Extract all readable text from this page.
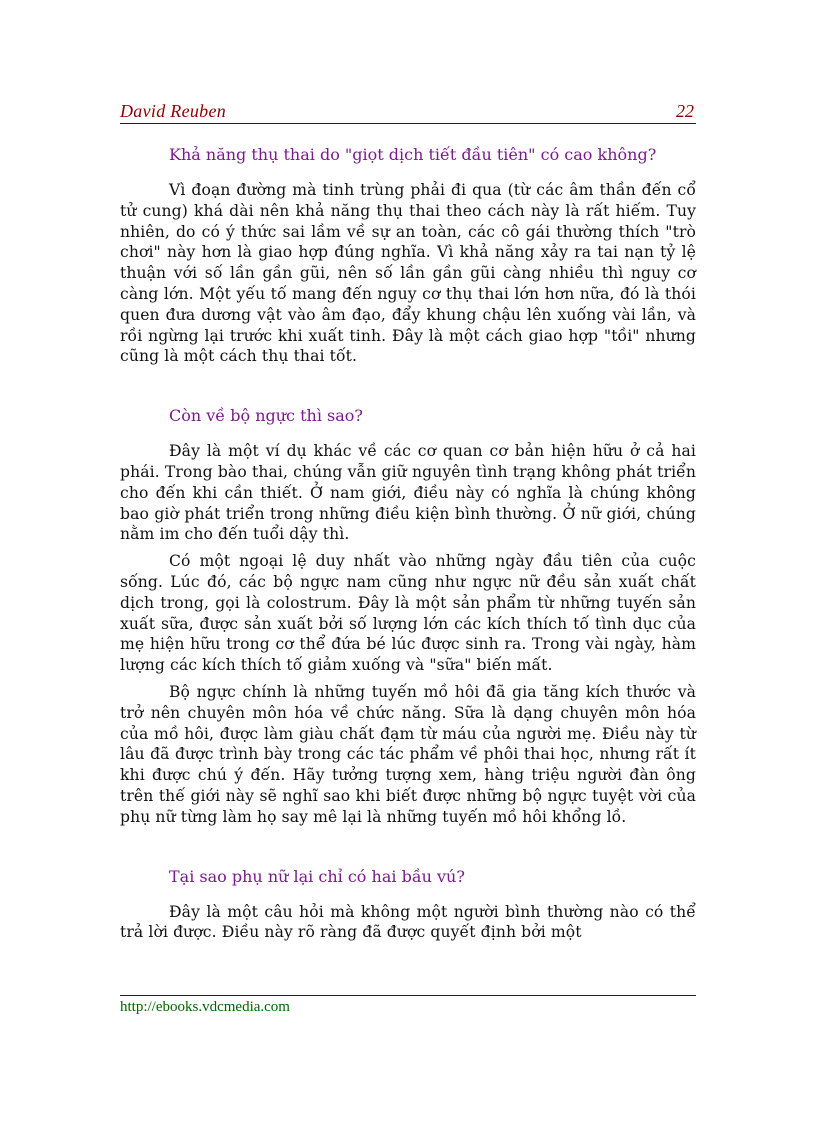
David Reuben	22
Khả năng thụ thai do "giọt dịch tiết đầu tiên" có cao không?

Vì đoạn đường mà tinh trùng phải đi qua (từ các âm thần đến cổ tử cung) khá dài nên khả năng thụ thai theo cách này là rất hiếm. Tuy nhiên, do có ý thức sai lầm về sự an toàn, các cô gái thường thích "trò chơi" này hơn là giao hợp đúng nghĩa. Vì khả năng xảy ra tai nạn tỷ lệ thuận với số lần gần gũi, nên số lần gần gũi càng nhiều thì nguy cơ càng lớn. Một yếu tố mang đến nguy cơ thụ thai lớn hơn nữa, đó là thói quen đưa dương vật vào âm đạo, đẩy khung chậu lên xuống vài lần, và rồi ngừng lại trước khi xuất tinh. Đây là một cách giao hợp "tồi" nhưng cũng là một cách thụ thai tốt.

Còn về bộ ngực thì sao?

Đây là một ví dụ khác về các cơ quan cơ bản hiện hữu ở cả hai phái. Trong bào thai, chúng vẫn giữ nguyên tình trạng không phát triển cho đến khi cần thiết. Ở nam giới, điều này có nghĩa là chúng không bao giờ phát triển trong những điều kiện bình thường. Ở nữ giới, chúng nằm im cho đến tuổi dậy thì.

Có một ngoại lệ duy nhất vào những ngày đầu tiên của cuộc sống. Lúc đó, các bộ ngực nam cũng như ngực nữ đều sản xuất chất dịch trong, gọi là colostrum. Đây là một sản phẩm từ những tuyến sản xuất sữa, được sản xuất bởi số lượng lớn các kích thích tố tình dục của mẹ hiện hữu trong cơ thể đứa bé lúc được sinh ra. Trong vài ngày, hàm lượng các kích thích tố giảm xuống và "sữa" biến mất.

Bộ ngực chính là những tuyến mồ hôi đã gia tăng kích thước và trở nên chuyên môn hóa về chức năng. Sữa là dạng chuyên môn hóa của mồ hôi, được làm giàu chất đạm từ máu của người mẹ. Điều này từ lâu đã được trình bày trong các tác phẩm về phôi thai học, nhưng rất ít khi được chú ý đến. Hãy tưởng tượng xem, hàng triệu người đàn ông trên thế giới này sẽ nghĩ sao khi biết được những bộ ngực tuyệt vời của phụ nữ từng làm họ say mê lại là những tuyến mồ hôi khổng lồ.

Tại sao phụ nữ lại chỉ có hai bầu vú?

Đây là một câu hỏi mà không một người bình thường nào có thể trả lời được. Điều này rõ ràng đã được quyết định bởi một

http://ebooks.vdcmedia.com
